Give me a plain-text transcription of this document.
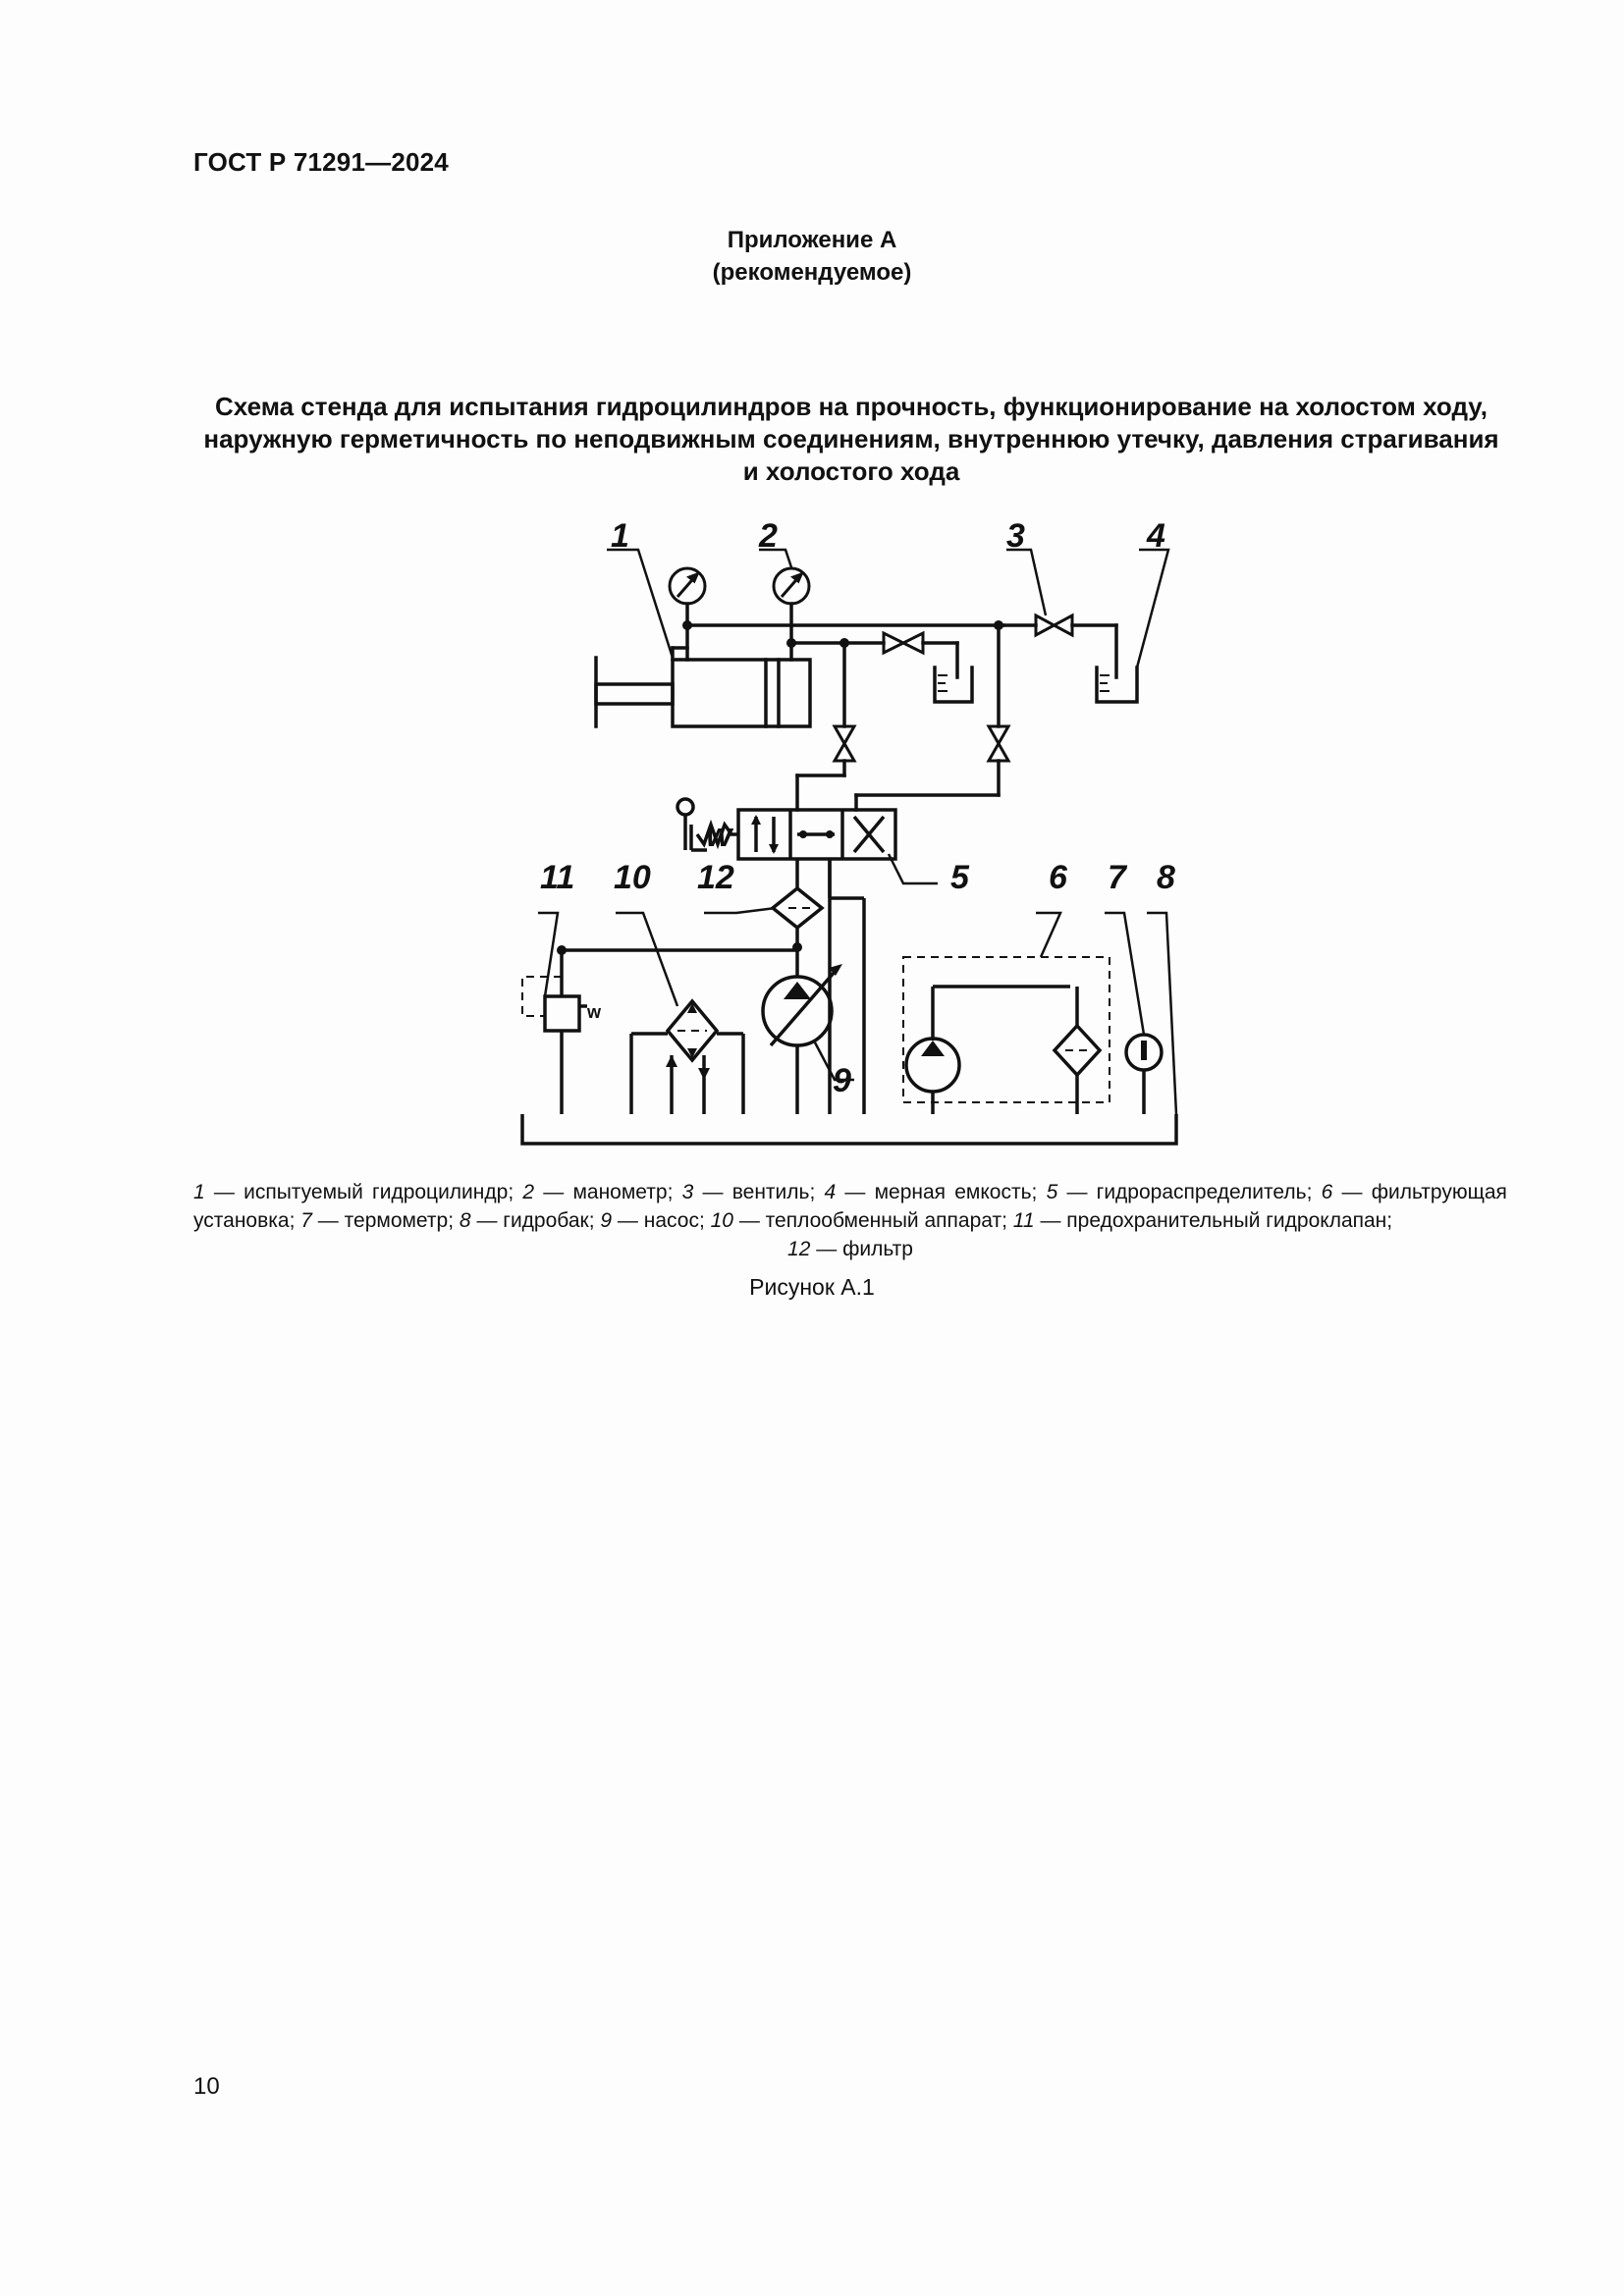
ГОСТ Р 71291—2024
Приложение А
(рекомендуемое)
Схема стенда для испытания гидроцилиндров на прочность, функционирование на холостом ходу, наружную герметичность по неподвижным соединениям, внутреннюю утечку, давления страгивания и холостого хода
w
w
1	2	3	4
5 6 7 8
9
10
11	12
1 — испытуемый гидроцилиндр; 2 — манометр; 3 — вентиль; 4 — мерная емкость; 5 — гидрораспределитель; 6 — фильтрующая установка; 7 — термометр; 8 — гидробак; 9 — насос; 10 — теплообменный аппарат; 11 — предохранительный гидроклапан;
12 — фильтр
Рисунок А.1
10
